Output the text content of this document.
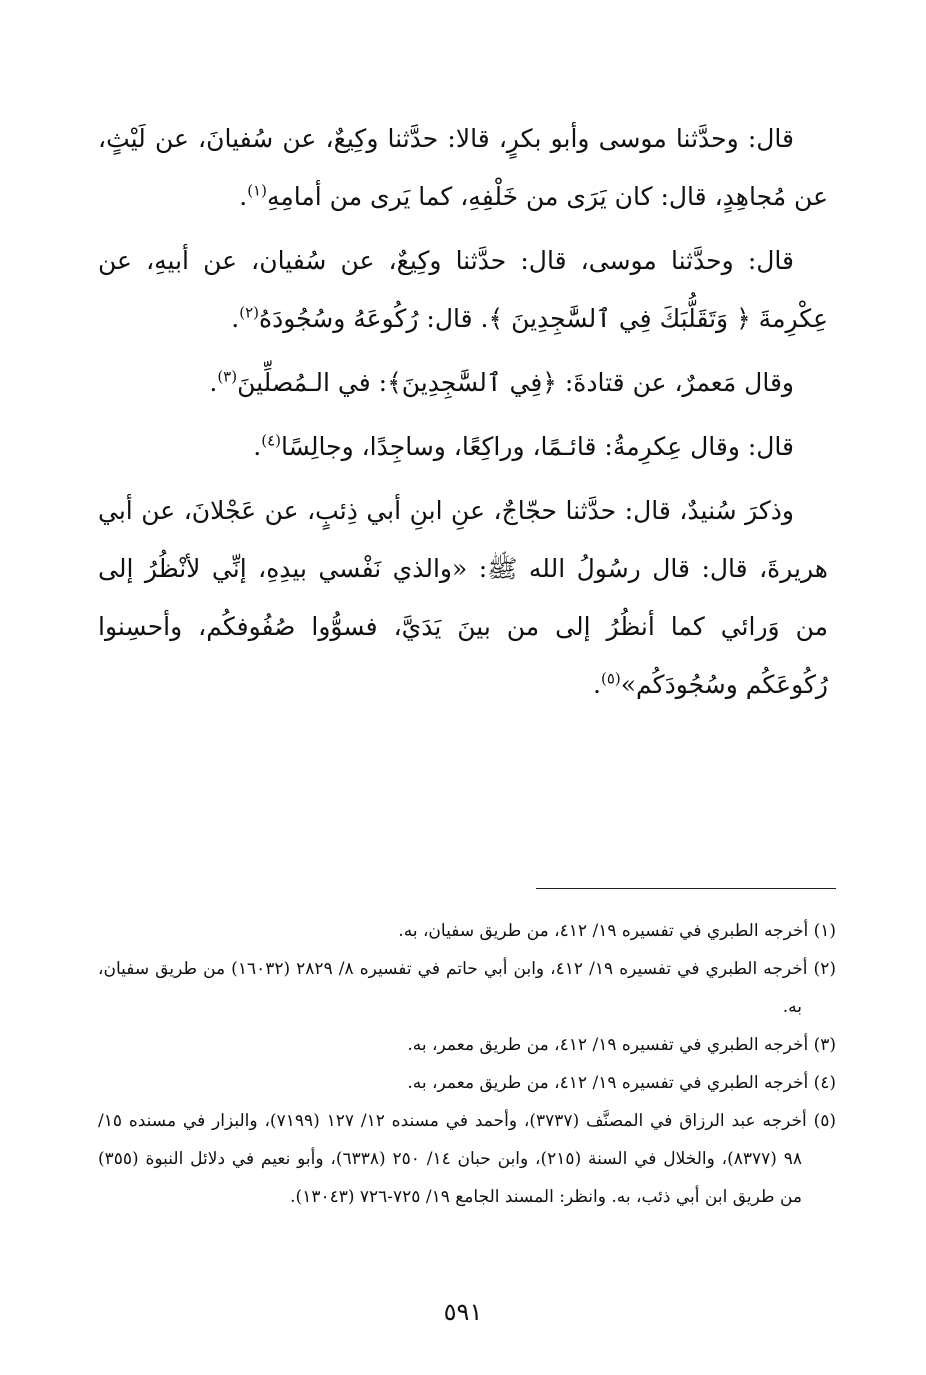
قال: وحدَّثنا موسى وأبو بكرٍ، قالا: حدَّثنا وكِيعٌ، عن سُفيانَ، عن لَيْثٍ، عن مُجاهِدٍ، قال: كان يَرَى من خَلْفِهِ، كما يَرى من أمامِهِ$^{(١)}$.

قال: وحدَّثنا موسى، قال: حدَّثنا وكِيعٌ، عن سُفيان، عن أبيهِ، عن عِكْرِمةَ ﴿ وَتَقَلُّبَكَ فِي ٱلسَّٰجِدِينَ ﴾. قال: رُكُوعَهُ وسُجُودَهُ$^{(٢)}$.

وقال مَعمرٌ، عن قتادةَ: ﴿فِي ٱلسَّٰجِدِينَ﴾: في الـمُصلِّينَ$^{(٣)}$.

قال: وقال عِكرِمةُ: قائـمًا، وراكِعًا، وساجِدًا، وجالِسًا$^{(٤)}$.

وذكرَ سُنيدٌ، قال: حدَّثنا حجّاجٌ، عنِ ابنِ أبي ذِئبٍ، عن عَجْلانَ، عن أبي هريرةَ، قال: قال رسُولُ الله ﷺ: «والذي نَفْسي بيدِهِ، إنِّي لأنْظُرُ إلى من وَرائي كما أنظُرُ إلى من بينَ يَدَيَّ، فسوُّوا صُفُوفكُم، وأحسِنوا رُكُوعَكُم وسُجُودَكُم»$^{(٥)}$.

(١) أخرجه الطبري في تفسيره ١٩/ ٤١٢، من طريق سفيان، به.

(٢) أخرجه الطبري في تفسيره ١٩/ ٤١٢، وابن أبي حاتم في تفسيره ٨/ ٢٨٢٩ (١٦٠٣٢) من طريق سفيان، به.

(٣) أخرجه الطبري في تفسيره ١٩/ ٤١٢، من طريق معمر، به.

(٤) أخرجه الطبري في تفسيره ١٩/ ٤١٢، من طريق معمر، به.

(٥) أخرجه عبد الرزاق في المصنَّف (٣٧٣٧)، وأحمد في مسنده ١٢/ ١٢٧ (٧١٩٩)، والبزار في مسنده ١٥/ ٩٨ (٨٣٧٧)، والخلال في السنة (٢١٥)، وابن حبان ١٤/ ٢٥٠ (٦٣٣٨)، وأبو نعيم في دلائل النبوة (٣٥٥) من طريق ابن أبي ذئب، به. وانظر: المسند الجامع ١٩/ ٧٢٥-٧٢٦ (١٣٠٤٣).

٥٩١
